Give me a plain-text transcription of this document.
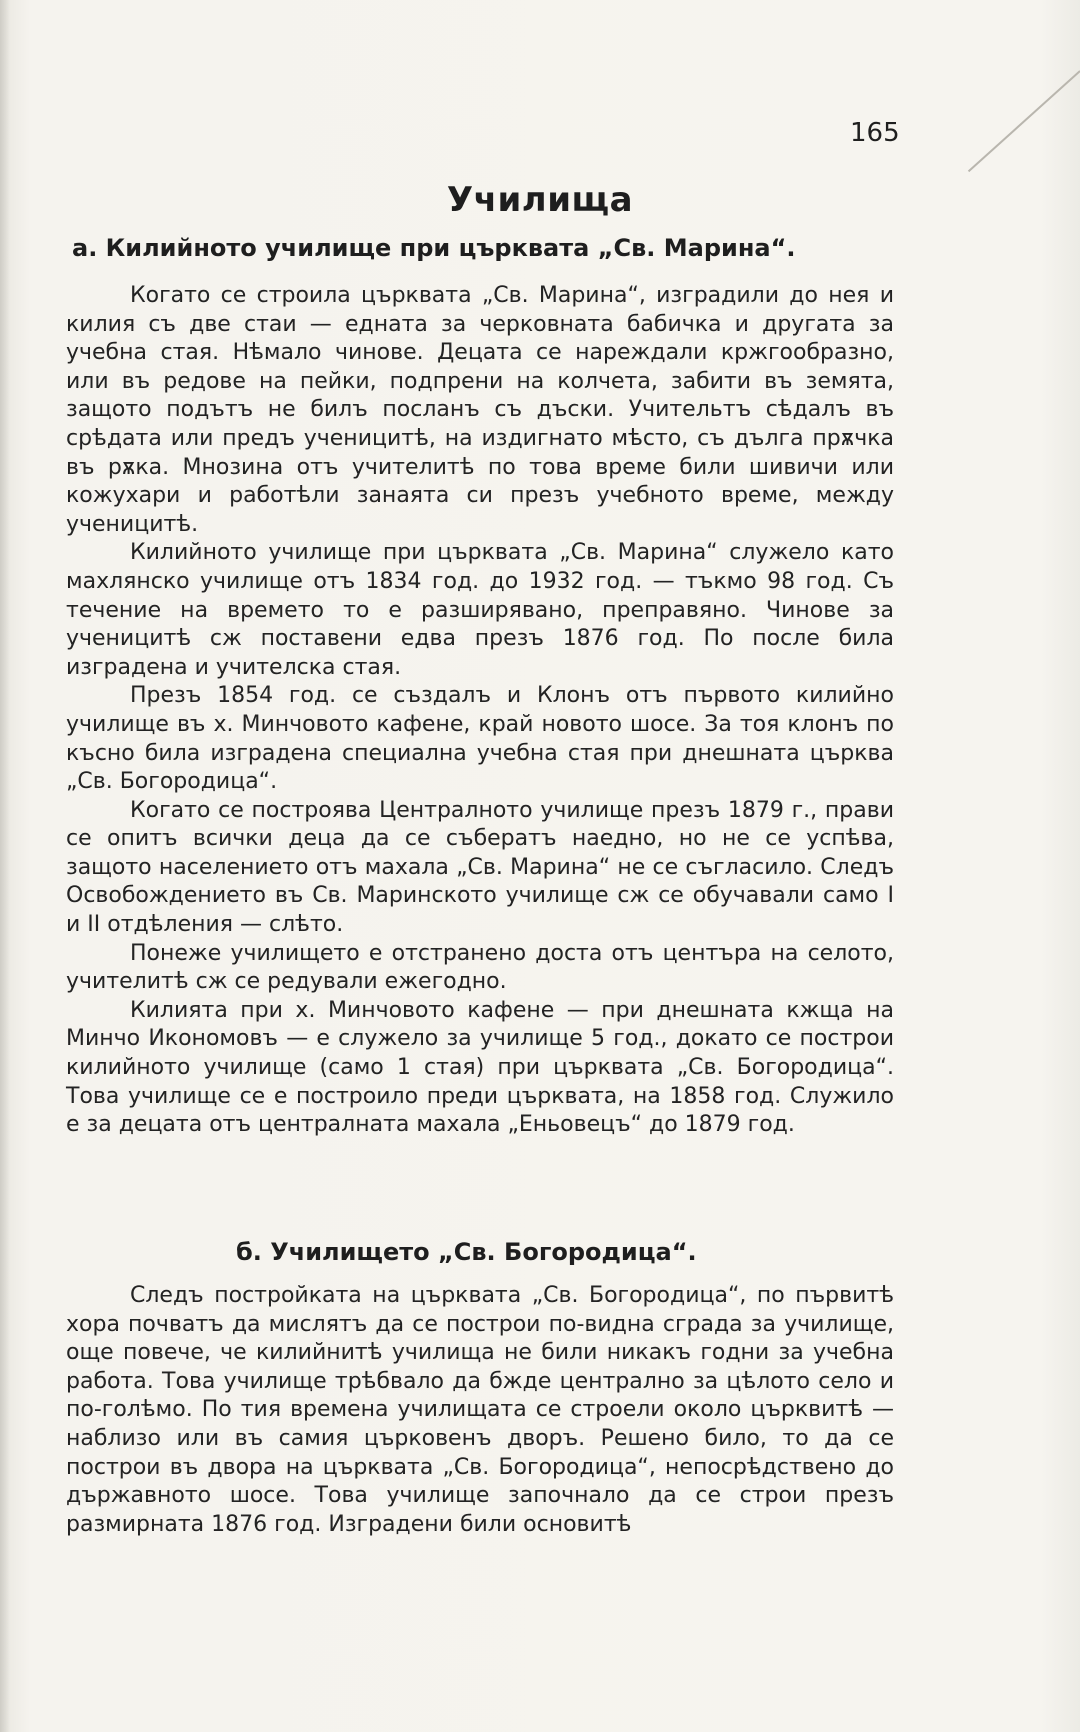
165
Училища
а. Килийното училище при църквата „Св. Марина“.

Когато се строила църквата „Св. Марина“, изградили до нея и килия съ две стаи — едната за черковната бабичка и другата за учебна стая. Нѣмало чинове. Децата се нареждали кржгообразно, или въ редове на пейки, подпрени на колчета, забити въ земята, защото подътъ не билъ посланъ съ дъски. Учительтъ сѣдалъ въ срѣдата или предъ ученицитѣ, на издигнато мѣсто, съ дълга прѫчка въ рѫка. Мнозина отъ учителитѣ по това време били шивичи или кожухари и работѣли занаята си презъ учебното време, между ученицитѣ.

Килийното училище при църквата „Св. Марина“ служело като махлянско училище отъ 1834 год. до 1932 год. — тъкмо 98 год. Съ течение на времето то е разширявано, преправяно. Чинове за ученицитѣ сж поставени едва презъ 1876 год. По после била изградена и учителска стая.

Презъ 1854 год. се създалъ и Клонъ отъ първото килийно училище въ х. Минчовото кафене, край новото шосе. За тоя клонъ по късно била изградена специална учебна стая при днешната църква „Св. Богородица“.

Когато се построява Централното училище презъ 1879 г., прави се опитъ всички деца да се събератъ наедно, но не се успѣва, защото населението отъ махала „Св. Марина“ не се съгласило. Следъ Освобождението въ Св. Маринското училище сж се обучавали само I и II отдѣления — слѣто.

Понеже училището е отстранено доста отъ центъра на селото, учителитѣ сж се редували ежегодно.

Килията при х. Минчовото кафене — при днешната кжща на Минчо Икономовъ — е служело за училище 5 год., докато се построи килийното училище (само 1 стая) при църквата „Св. Богородица“. Това училище се е построило преди църквата, на 1858 год. Служило е за децата отъ централната махала „Еньовецъ“ до 1879 год.

б. Училището „Св. Богородица“.

Следъ постройката на църквата „Св. Богородица“, по първитѣ хора почватъ да мислятъ да се построи по-видна сграда за училище, още повече, че килийнитѣ училища не били никакъ годни за учебна работа. Това училище трѣбвало да бжде централно за цѣлото село и по-голѣмо. По тия времена училищата се строели около църквитѣ — наблизо или въ самия църковенъ дворъ. Решено било, то да се построи въ двора на църквата „Св. Богородица“, непосрѣдствено до държавното шосе. Това училище започнало да се строи презъ размирната 1876 год. Изградени били основитѣ
